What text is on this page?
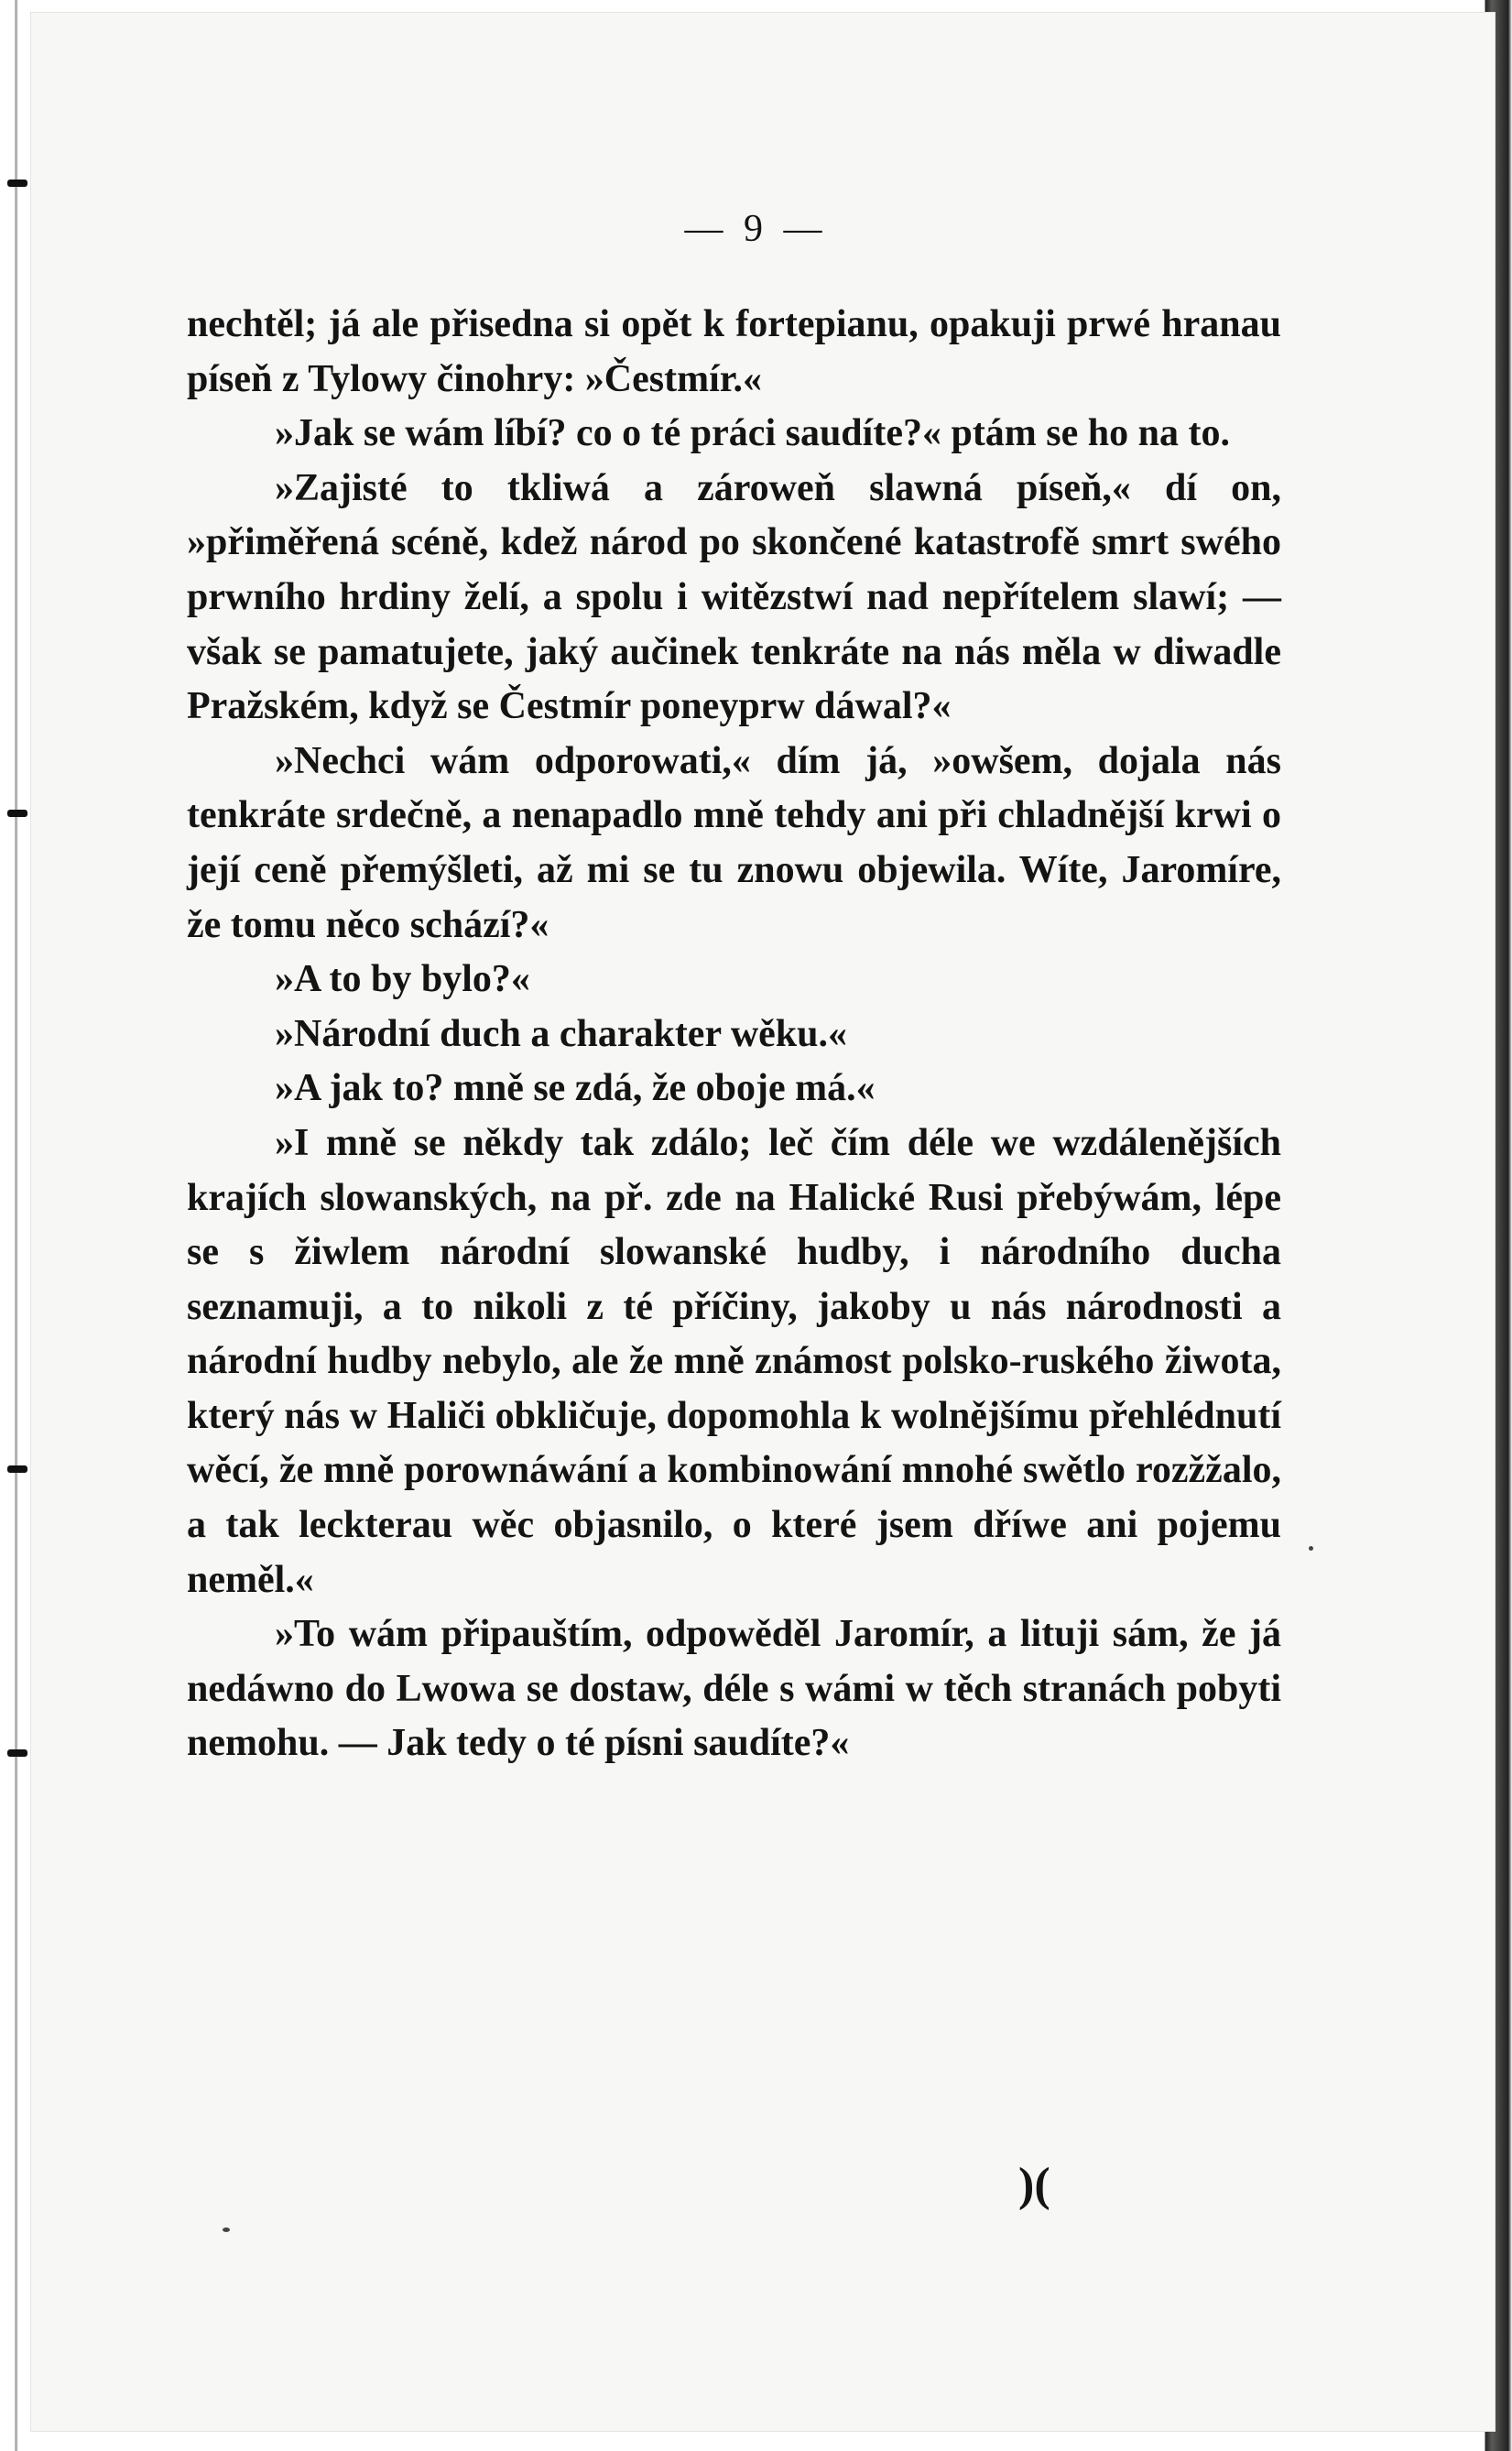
— 9 —

nechtěl; já ale přisedna si opět k fortepianu, opakuji prwé hranau píseň z Tylowy činohry: »Čestmír.«

»Jak se wám líbí? co o té práci saudíte?« ptám se ho na to.

»Zajisté to tkliwá a zároweň slawná píseň,« dí on, »přiměřená scéně, kdež národ po skončené katastrofě smrt swého prwního hrdiny želí, a spolu i witězstwí nad nepřítelem slawí; — však se pamatujete, jaký aučinek tenkráte na nás měla w diwadle Pražském, když se Čestmír poneyprw dáwal?«

»Nechci wám odporowati,« dím já, »owšem, dojala nás tenkráte srdečně, a nenapadlo mně tehdy ani při chladnější krwi o její ceně přemýšleti, až mi se tu znowu objewila. Wíte, Jaromíre, že tomu něco schází?«

»A to by bylo?«

»Národní duch a charakter wěku.«

»A jak to? mně se zdá, že oboje má.«

»I mně se někdy tak zdálo; leč čím déle we wzdálenějších krajích slowanských, na př. zde na Halické Rusi přebýwám, lépe se s žiwlem národní slowanské hudby, i národního ducha seznamuji, a to nikoli z té příčiny, jakoby u nás národnosti a národní hudby nebylo, ale že mně známost polsko-ruského žiwota, který nás w Haliči obkličuje, dopomohla k wolnějšímu přehlédnutí wěcí, že mně porownáwání a kombinowání mnohé swětlo rozžžalo, a tak leckterau wěc objasnilo, o které jsem dříwe ani pojemu neměl.«

»To wám připauštím, odpowěděl Jaromír, a lituji sám, že já nedáwno do Lwowa se dostaw, déle s wámi w těch stranách pobyti nemohu. — Jak tedy o té písni saudíte?«

)(
